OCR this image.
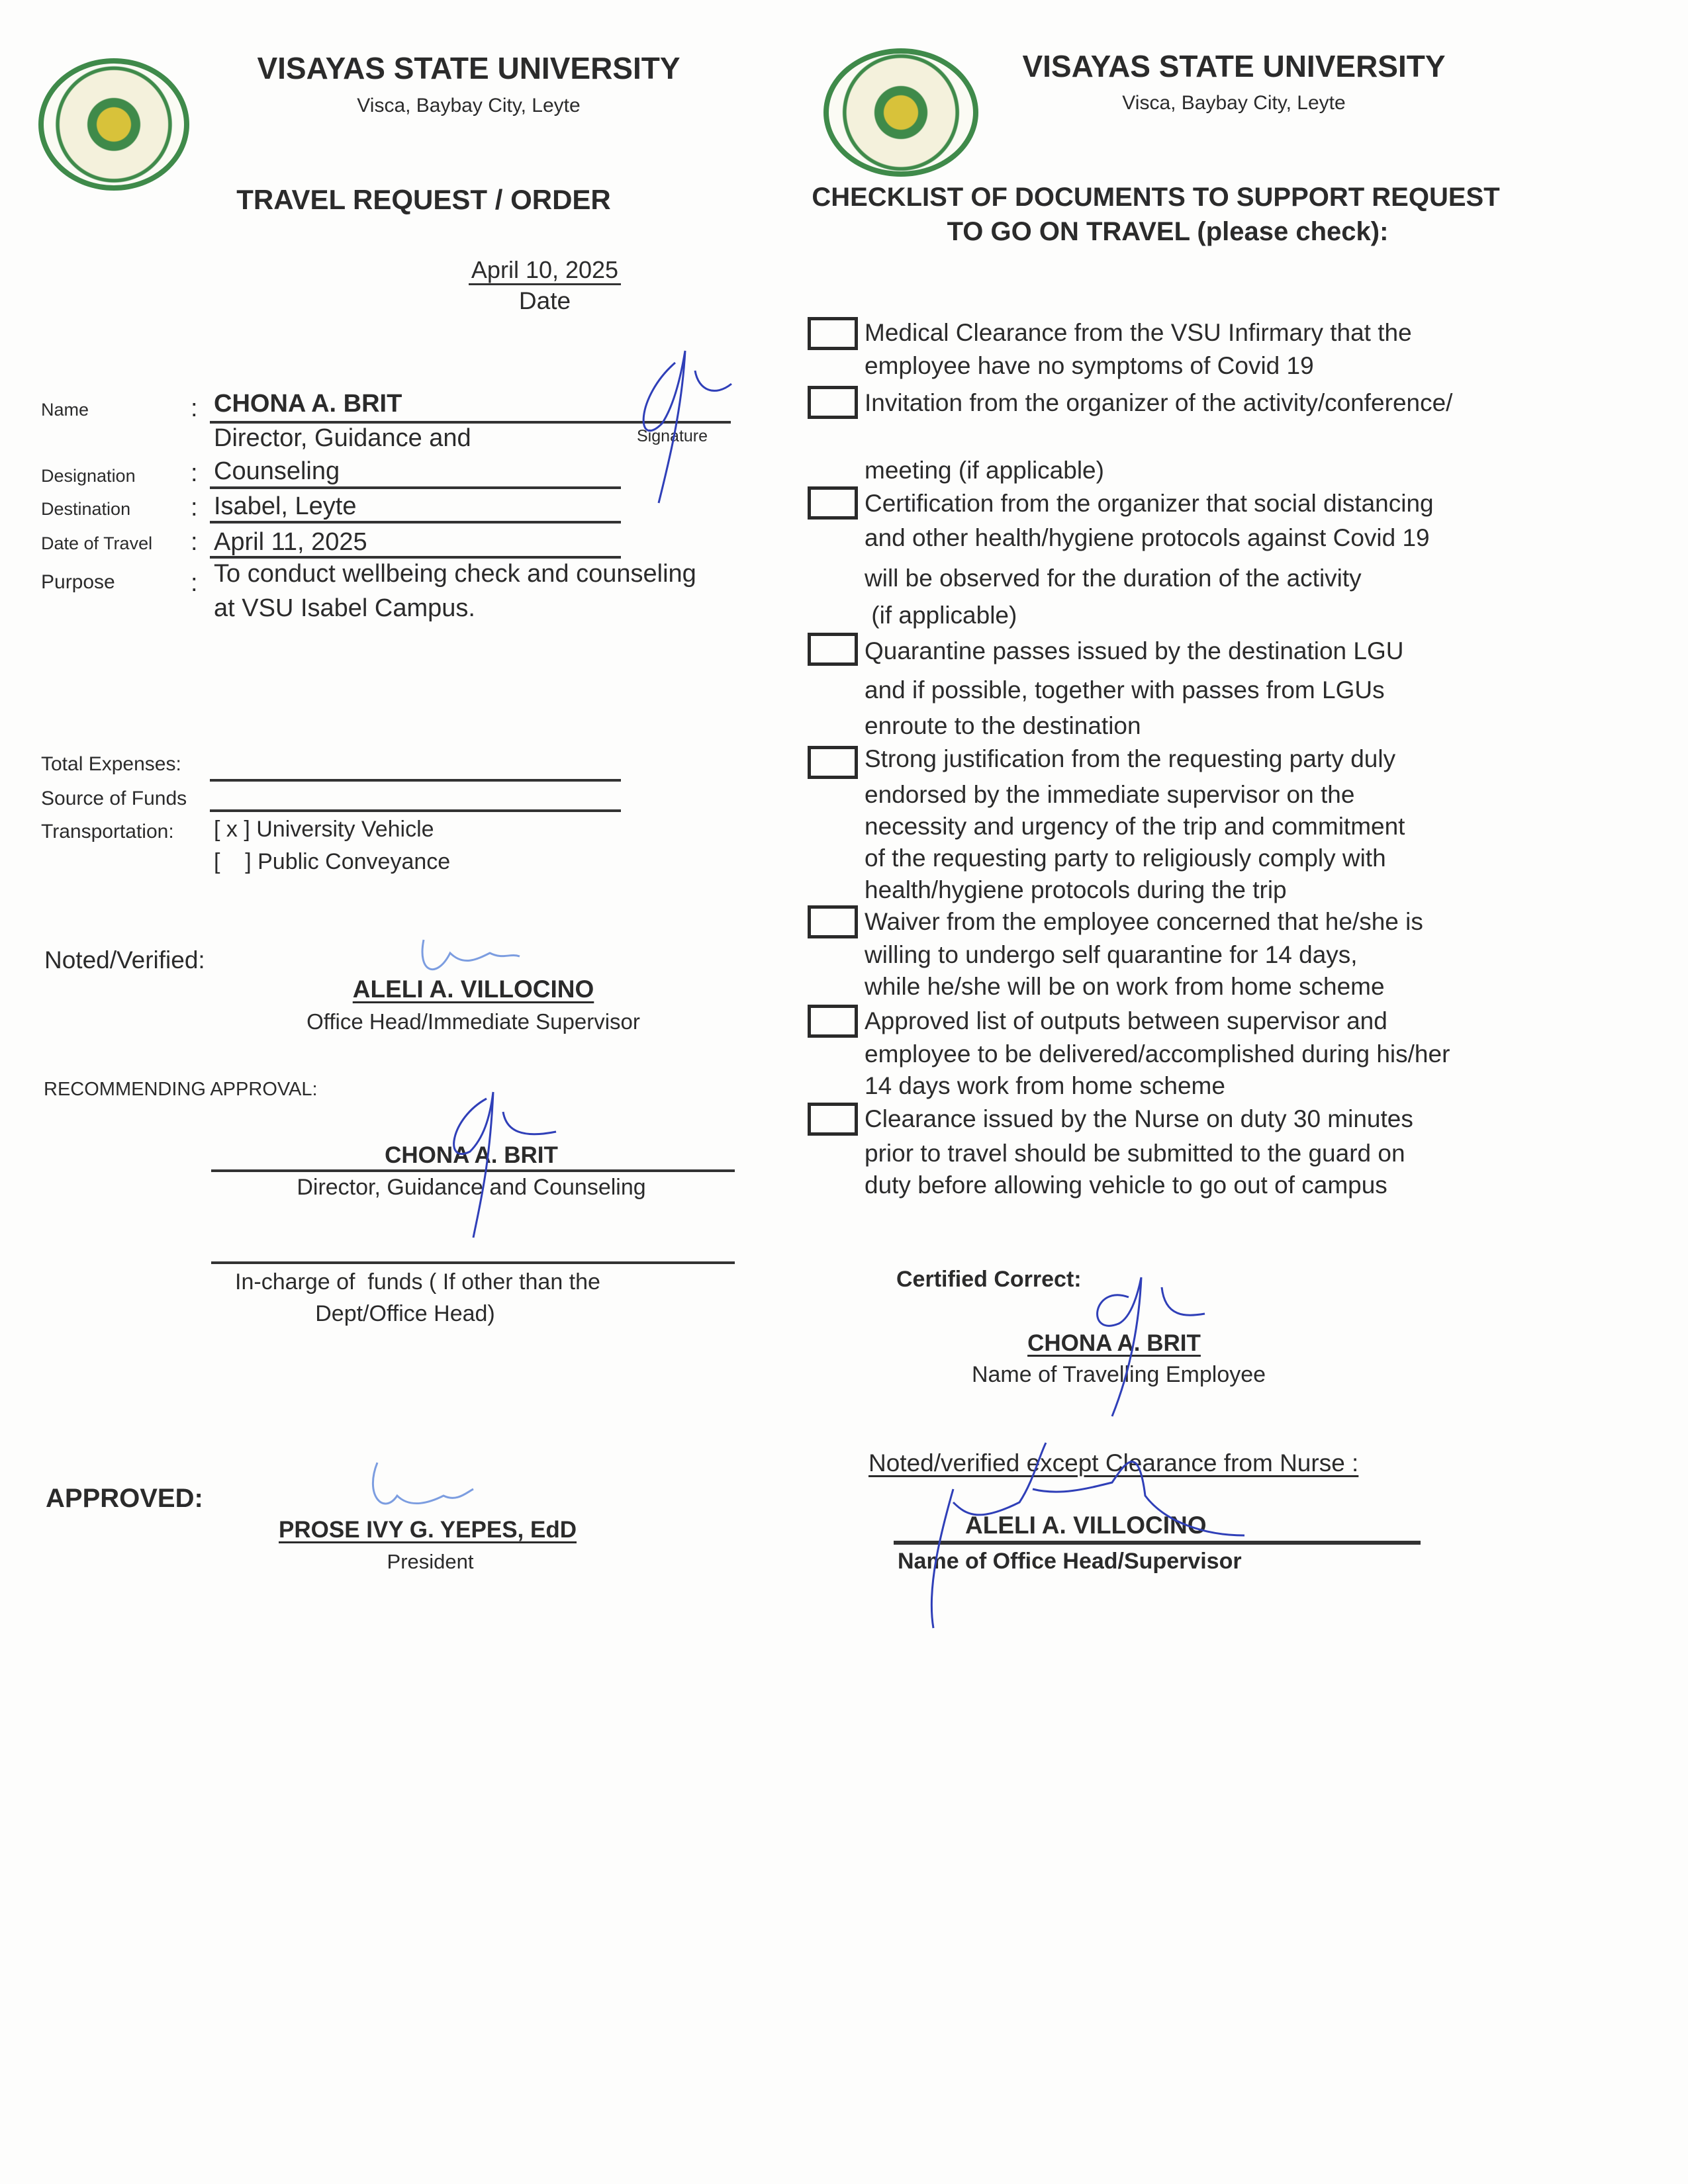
VISAYAS STATE UNIVERSITY
Visca, Baybay City, Leyte
TRAVEL REQUEST / ORDER
April 10, 2025
Date
Name	: CHONA A. BRIT
Signature
Director, Guidance and
Designation : Counseling
Destination : Isabel, Leyte
Date of Travel : April 11, 2025
Purpose	: To conduct wellbeing check and counseling
at VSU Isabel Campus.
Total Expenses:
Source of Funds
Transportation: [ x ] University Vehicle
[    ] Public Conveyance
Noted/Verified:
ALELI A. VILLOCINO
Office Head/Immediate Supervisor
RECOMMENDING APPROVAL:
CHONA A. BRIT
Director, Guidance and Counseling
In-charge of  funds ( If other than the
Dept/Office Head)
APPROVED:
PROSE IVY G. YEPES, EdD
President
VISAYAS STATE UNIVERSITY
Visca, Baybay City, Leyte
CHECKLIST OF DOCUMENTS TO SUPPORT REQUEST
TO GO ON TRAVEL (please check):
Medical Clearance from the VSU Infirmary that the
employee have no symptoms of Covid 19
Invitation from the organizer of the activity/conference/
meeting (if applicable)
Certification from the organizer that social distancing
and other health/hygiene protocols against Covid 19
will be observed for the duration of the activity
(if applicable)
Quarantine passes issued by the destination LGU
and if possible, together with passes from LGUs
enroute to the destination
Strong justification from the requesting party duly
endorsed by the immediate supervisor on the
necessity and urgency of the trip and commitment
of the requesting party to religiously comply with
health/hygiene protocols during the trip
Waiver from the employee concerned that he/she is
willing to undergo self quarantine for 14 days,
while he/she will be on work from home scheme
Approved list of outputs between supervisor and
employee to be delivered/accomplished during his/her
14 days work from home scheme
Clearance issued by the Nurse on duty 30 minutes
prior to travel should be submitted to the guard on
duty before allowing vehicle to go out of campus
Certified Correct:
CHONA A. BRIT
Name of Travelling Employee
Noted/verified except Clearance from Nurse :
ALELI A. VILLOCINO
Name of Office Head/Supervisor
